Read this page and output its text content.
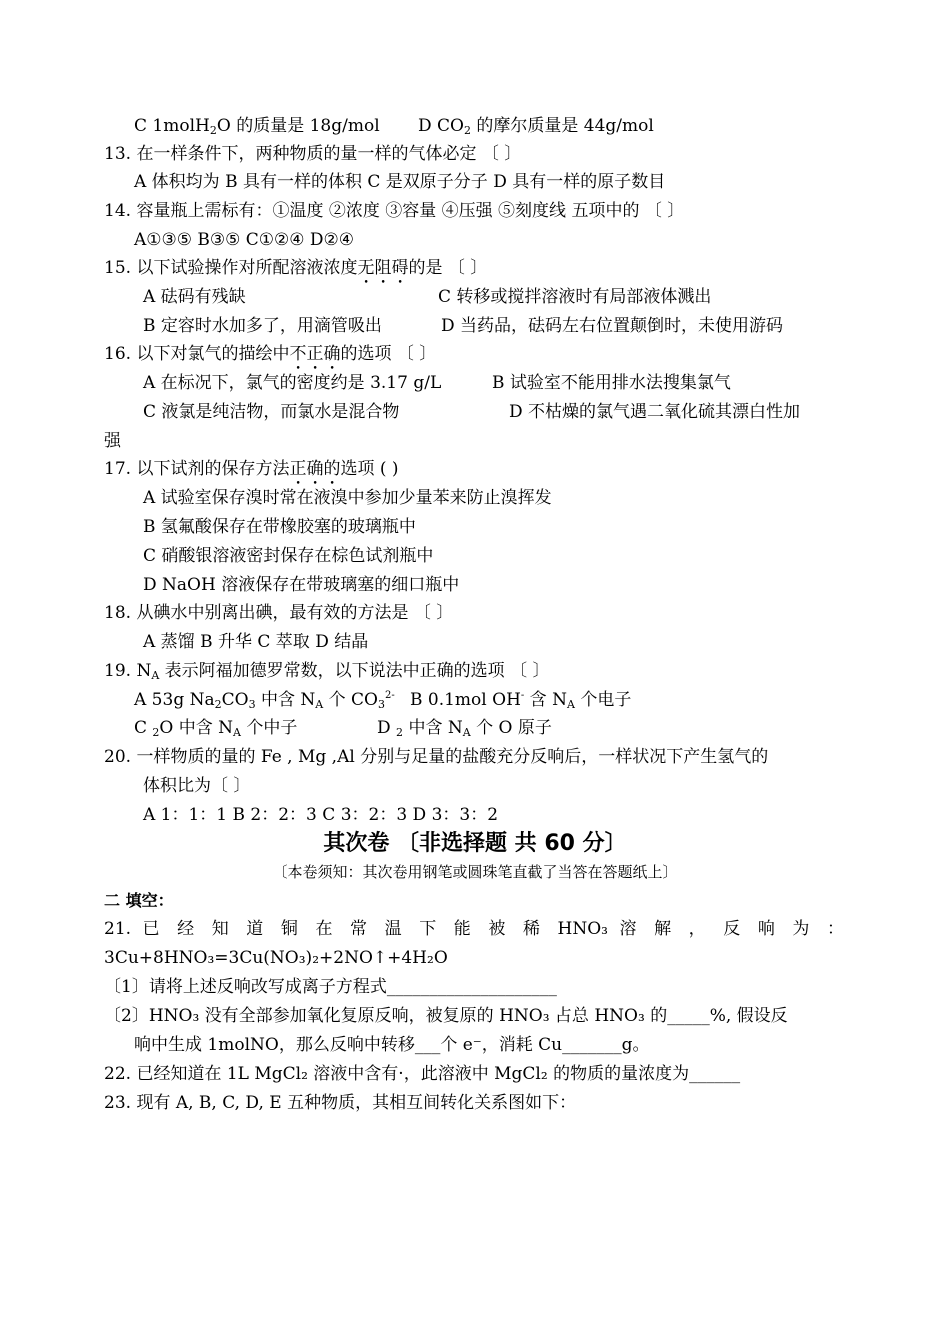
C 1molH$_2$O 的质量是 18g/mol D $CO_2$ 的摩尔质量是 44g/mol
13. 在一样条件下，两种物质的量一样的气体必定 〔 〕
A 体积均为 B 具有一样的体积 C 是双原子分子 D 具有一样的原子数目
14. 容量瓶上需标有：①温度 ②浓度 ③容量 ④压强 ⑤刻度线 五项中的 〔 〕
A①③⑤ B③⑤ C①②④ D②④
15. 以下试验操作对所配溶液浓度无阻碍的是 〔 〕
A 砝码有残缺	C 转移或搅拌溶液时有局部液体溅出
B 定容时水加多了，用滴管吸出	D 当药品，砝码左右位置颠倒时，未使用游码
16. 以下对氯气的描绘中不正确的选项 〔 〕
A 在标况下，氯气的密度约是 3.17 g/L	B 试验室不能用排水法搜集氯气
C 液氯是纯洁物，而氯水是混合物	D 不枯燥的氯气遇二氧化硫其漂白性加
强
17. 以下试剂的保存方法正确的选项 ( )
A 试验室保存溴时常在液溴中参加少量苯来防止溴挥发
B 氢氟酸保存在带橡胶塞的玻璃瓶中
C 硝酸银溶液密封保存在棕色试剂瓶中
D NaOH 溶液保存在带玻璃塞的细口瓶中
18. 从碘水中别离出碘，最有效的方法是 〔 〕
A 蒸馏 B 升华 C 萃取 D 结晶
19. $N_A$ 表示阿福加德罗常数，以下说法中正确的选项 〔 〕
A 53g $Na_2CO_3$ 中含 $N_A$ 个 $CO_3^{2-}$ B 0.1mol OH- 含 $N_A$ 个电子
C $_2$O 中含 $N_A$ 个中子	D $_2$ 中含 $N_A$ 个 O 原子
20. 一样物质的量的 Fe , Mg ,Al 分别与足量的盐酸充分反响后，一样状况下产生氢气的
体积比为〔 〕
A 1：1：1 B 2：2：3 C 3：2：3 D 3：3：2
其次卷 〔非选择题 共 60 分〕
〔本卷须知：其次卷用钢笔或圆珠笔直截了当答在答题纸上〕
二 填空：
21. 已 经 知 道 铜 在 常 温 下 能 被 稀 HNO₃ 溶 解 ， 反 响 为 ：
3Cu+8HNO₃=3Cu(NO₃)₂+2NO↑+4H₂O
〔1〕请将上述反响改写成离子方程式____________________
〔2〕HNO₃ 没有全部参加氧化复原反响，被复原的 HNO₃ 占总 HNO₃ 的_____%, 假设反
响中生成 1molNO，那么反响中转移___个 e⁻，消耗 Cu_______g。
22. 已经知道在 1L MgCl₂ 溶液中含有·，此溶液中 MgCl₂ 的物质的量浓度为______
23. 现有 A, B, C, D, E 五种物质，其相互间转化关系图如下：
